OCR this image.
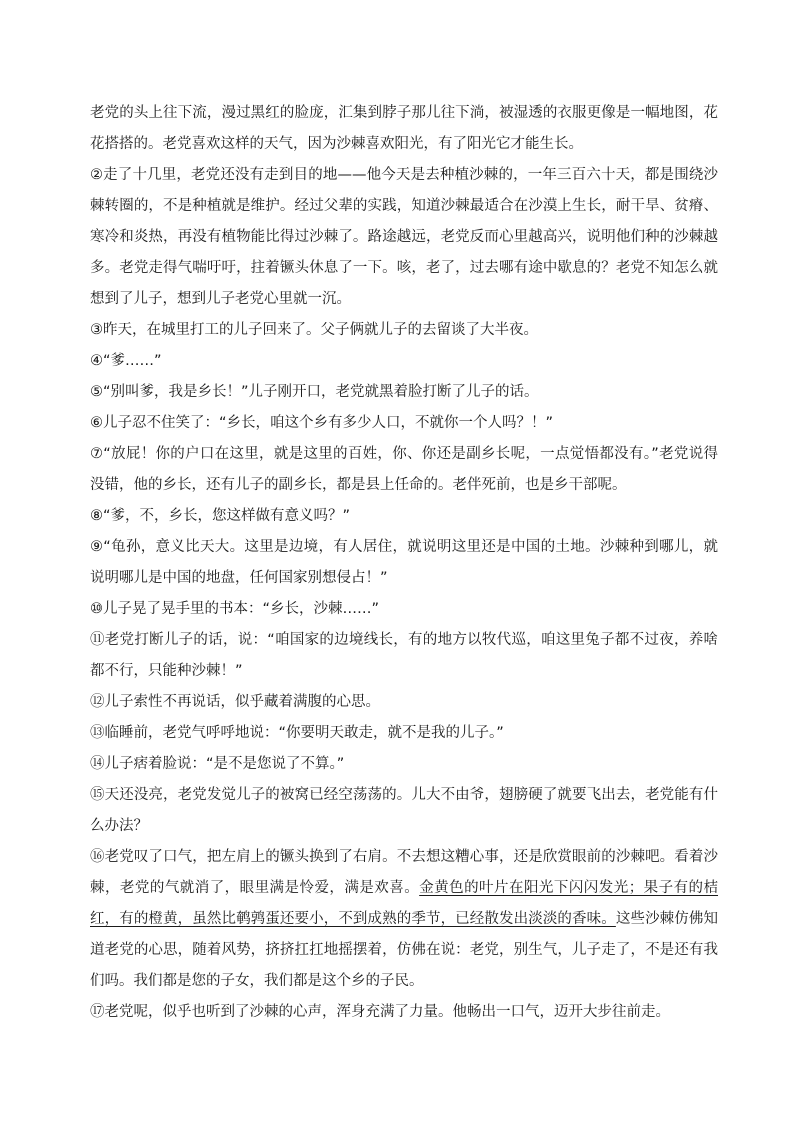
老党的头上往下流，漫过黑红的脸庞，汇集到脖子那儿往下淌，被湿透的衣服更像是一幅地图，花花搭搭的。老党喜欢这样的天气，因为沙棘喜欢阳光，有了阳光它才能生长。

②走了十几里，老党还没有走到目的地——他今天是去种植沙棘的，一年三百六十天，都是围绕沙棘转圈的，不是种植就是维护。经过父辈的实践，知道沙棘最适合在沙漠上生长，耐干旱、贫瘠、寒冷和炎热，再没有植物能比得过沙棘了。路途越远，老党反而心里越高兴，说明他们种的沙棘越多。老党走得气喘吁吁，拄着镢头休息了一下。咳，老了，过去哪有途中歇息的？老党不知怎么就想到了儿子，想到儿子老党心里就一沉。

③昨天，在城里打工的儿子回来了。父子俩就儿子的去留谈了大半夜。

④“爹……”

⑤“别叫爹，我是乡长！”儿子刚开口，老党就黑着脸打断了儿子的话。

⑥儿子忍不住笑了：“乡长，咱这个乡有多少人口，不就你一个人吗？！”

⑦“放屁！你的户口在这里，就是这里的百姓，你、你还是副乡长呢，一点觉悟都没有。”老党说得没错，他的乡长，还有儿子的副乡长，都是县上任命的。老伴死前，也是乡干部呢。

⑧“爹，不，乡长，您这样做有意义吗？”

⑨“龟孙，意义比天大。这里是边境，有人居住，就说明这里还是中国的土地。沙棘种到哪儿，就说明哪儿是中国的地盘，任何国家别想侵占！”

⑩儿子晃了晃手里的书本：“乡长，沙棘……”

⑪老党打断儿子的话，说：“咱国家的边境线长，有的地方以牧代巡，咱这里兔子都不过夜，养啥都不行，只能种沙棘！”

⑫儿子索性不再说话，似乎藏着满腹的心思。

⑬临睡前，老党气呼呼地说：“你要明天敢走，就不是我的儿子。”

⑭儿子痞着脸说：“是不是您说了不算。”

⑮天还没亮，老党发觉儿子的被窝已经空荡荡的。儿大不由爷，翅膀硬了就要飞出去，老党能有什么办法？

⑯老党叹了口气，把左肩上的镢头换到了右肩。不去想这糟心事，还是欣赏眼前的沙棘吧。看着沙棘，老党的气就消了，眼里满是怜爱，满是欢喜。金黄色的叶片在阳光下闪闪发光；果子有的桔红，有的橙黄，虽然比鹌鹑蛋还要小，不到成熟的季节，已经散发出淡淡的香味。这些沙棘仿佛知道老党的心思，随着风势，挤挤扛扛地摇摆着，仿佛在说：老党，别生气，儿子走了，不是还有我们吗。我们都是您的子女，我们都是这个乡的子民。

⑰老党呢，似乎也听到了沙棘的心声，浑身充满了力量。他畅出一口气，迈开大步往前走。
